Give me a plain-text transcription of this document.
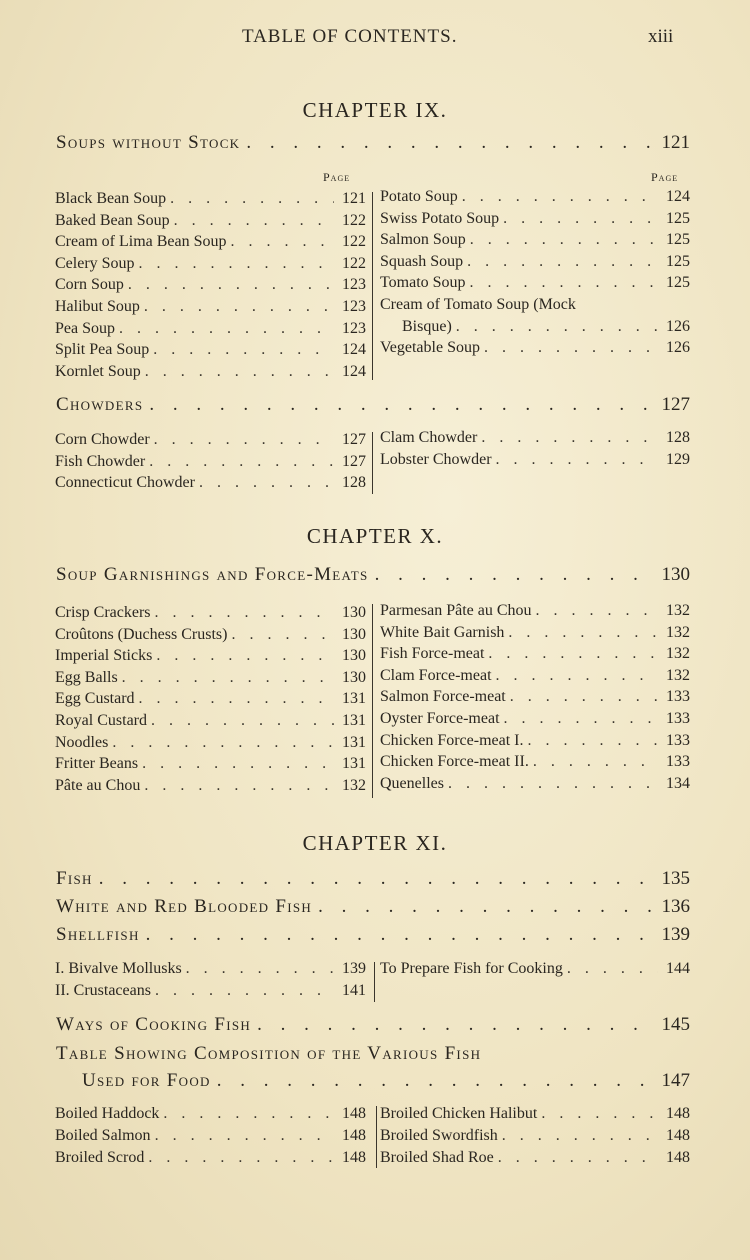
TABLE OF CONTENTS.	xiii
CHAPTER IX.
Soups without Stock . . .	121
Page	Page
Black Bean Soup . . .	121
Baked Bean Soup . . .	122
Cream of Lima Bean Soup . . .	122
Celery Soup . . .	122
Corn Soup . . .	123
Halibut Soup . . .	123
Pea Soup . . .	123
Split Pea Soup . . .	124
Kornlet Soup . . .	124
Potato Soup . . .	124
Swiss Potato Soup . . .	125
Salmon Soup . . .	125
Squash Soup . . .	125
Tomato Soup . . .	125
Cream of Tomato Soup (Mock
Bisque) . . .	126
Vegetable Soup . . .	126
Chowders . . .	127
Corn Chowder . . .	127
Fish Chowder . . .	127
Connecticut Chowder . . .	128
Clam Chowder . . .	128
Lobster Chowder . . .	129
CHAPTER X.
Soup Garnishings and Force-Meats . . .	130
Crisp Crackers . . .	130
Croûtons (Duchess Crusts) . . .	130
Imperial Sticks . . .	130
Egg Balls . . .	130
Egg Custard . . .	131
Royal Custard . . .	131
Noodles . . .	131
Fritter Beans . . .	131
Pâte au Chou . . .	132
Parmesan Pâte au Chou . . .	132
White Bait Garnish . . .	132
Fish Force-meat . . .	132
Clam Force-meat . . .	132
Salmon Force-meat . . .	133
Oyster Force-meat . . .	133
Chicken Force-meat I. . . .	133
Chicken Force-meat II. . . .	133
Quenelles . . .	134
CHAPTER XI.
Fish . . .	135
White and Red Blooded Fish . . .	136
Shellfish . . .	139
I. Bivalve Mollusks . . .	139
II. Crustaceans . . .	141
To Prepare Fish for Cooking . . .	144
Ways of Cooking Fish . . .	145
Table Showing Composition of the Various Fish
Used for Food . . .	147
Boiled Haddock . . .	148
Boiled Salmon . . .	148
Broiled Scrod . . .	148
Broiled Chicken Halibut . . .	148
Broiled Swordfish . . .	148
Broiled Shad Roe . . .	148
